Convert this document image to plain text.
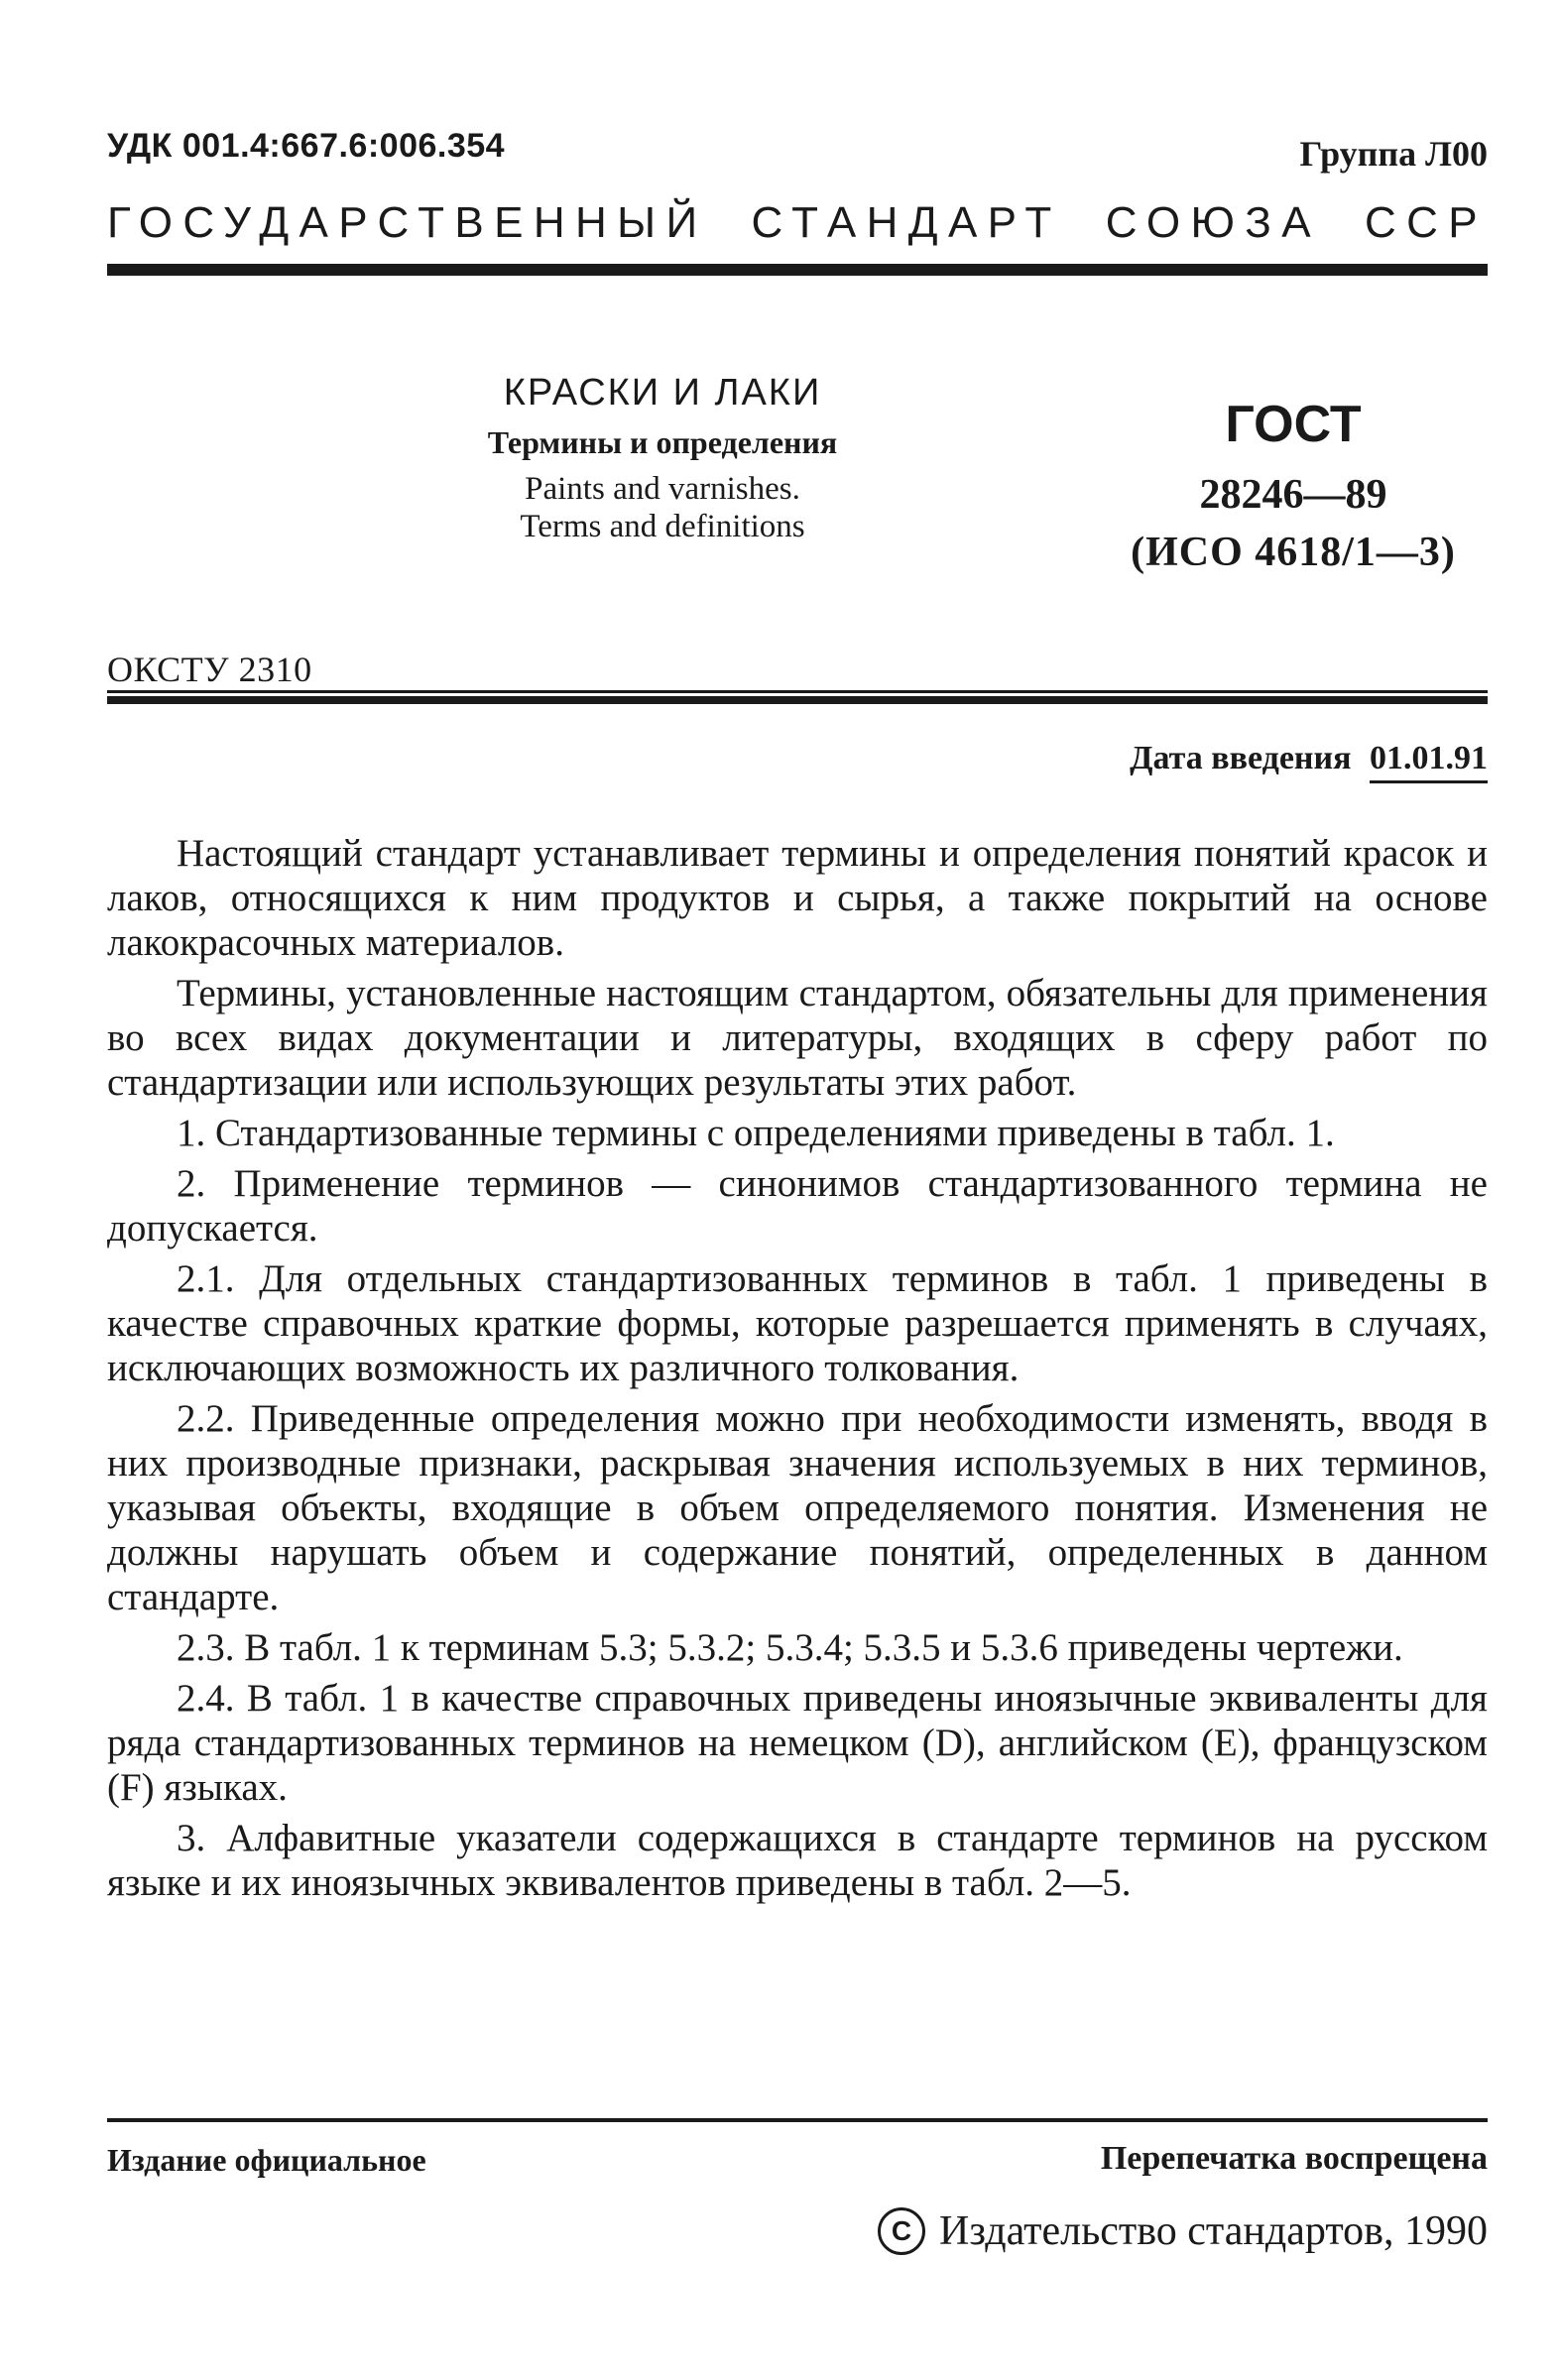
УДК 001.4:667.6:006.354	Группа Л00
ГОСУДАРСТВЕННЫЙ СТАНДАРТ СОЮЗА ССР
КРАСКИ И ЛАКИ
Термины и определения
Paints and varnishes.
Terms and definitions
ГОСТ
28246—89
(ИСО 4618/1—3)
ОКСТУ 2310
Дата введения 01.01.91

Настоящий стандарт устанавливает термины и определения понятий красок и лаков, относящихся к ним продуктов и сырья, а также покрытий на основе лакокрасочных материалов.

Термины, установленные настоящим стандартом, обязательны для применения во всех видах документации и литературы, входящих в сферу работ по стандартизации или использующих результаты этих работ.

1. Стандартизованные термины с определениями приведены в табл. 1.

2. Применение терминов — синонимов стандартизованного термина не допускается.

2.1. Для отдельных стандартизованных терминов в табл. 1 приведены в качестве справочных краткие формы, которые разрешается применять в случаях, исключающих возможность их различного толкования.

2.2. Приведенные определения можно при необходимости изменять, вводя в них производные признаки, раскрывая значения используемых в них терминов, указывая объекты, входящие в объем определяемого понятия. Изменения не должны нарушать объем и содержание понятий, определенных в данном стандарте.

2.3. В табл. 1 к терминам 5.3; 5.3.2; 5.3.4; 5.3.5 и 5.3.6 приведены чертежи.

2.4. В табл. 1 в качестве справочных приведены иноязычные эквиваленты для ряда стандартизованных терминов на немецком (D), английском (E), французском (F) языках.

3. Алфавитные указатели содержащихся в стандарте терминов на русском языке и их иноязычных эквивалентов приведены в табл. 2—5.

Издание официальное	Перепечатка воспрещена
C Издательство стандартов, 1990
